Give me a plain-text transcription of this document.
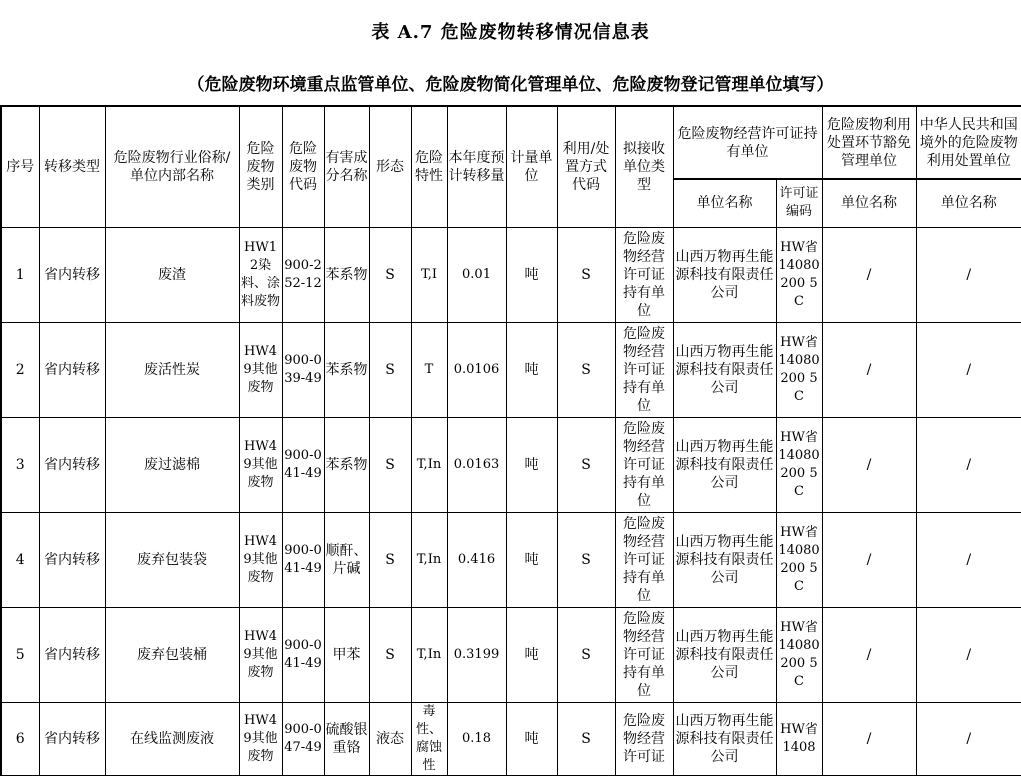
表 A.7 危险废物转移情况信息表
（危险废物环境重点监管单位、危险废物简化管理单位、危险废物登记管理单位填写）
序号	转移类型	危险废物行业俗称/ 单位内部名称	危险废物类别	危险废物代码	有害成分名称	形态	危险特性	本年度预计转移量	计量单位	利用/处置方式代码	拟接收单位类型	危险废物经营许可证持有单位		危险废物利用处置环节豁免管理单位	中华人民共和国境外的危险废物利用处置单位
												单位名称	许可证编码	单位名称	单位名称
1	省内转移	废渣	HW12染料、涂料废物	900-252-12	苯系物	S	T,I	0.01	吨	S	危险废物经营许可证持有单位	山西万物再生能源科技有限责任公司	HW省14080200 5C	/	/
2	省内转移	废活性炭	HW49其他废物	900-039-49	苯系物	S	T	0.0106	吨	S	危险废物经营许可证持有单位	山西万物再生能源科技有限责任公司	HW省14080200 5C	/	/
3	省内转移	废过滤棉	HW49其他废物	900-041-49	苯系物	S	T,In	0.0163	吨	S	危险废物经营许可证持有单位	山西万物再生能源科技有限责任公司	HW省14080200 5C	/	/
4	省内转移	废弃包装袋	HW49其他废物	900-041-49	顺酐、片碱	S	T,In	0.416	吨	S	危险废物经营许可证持有单位	山西万物再生能源科技有限责任公司	HW省14080200 5C	/	/
5	省内转移	废弃包装桶	HW49其他废物	900-041-49	甲苯	S	T,In	0.3199	吨	S	危险废物经营许可证持有单位	山西万物再生能源科技有限责任公司	HW省14080200 5C	/	/
6	省内转移	在线监测废液	HW49其他废物	900-047-49	硫酸银重铬	液态	毒性、腐蚀性	0.18	吨	S	危险废物经营许可证	山西万物再生能源科技有限责任公司	HW省1408	/	/
